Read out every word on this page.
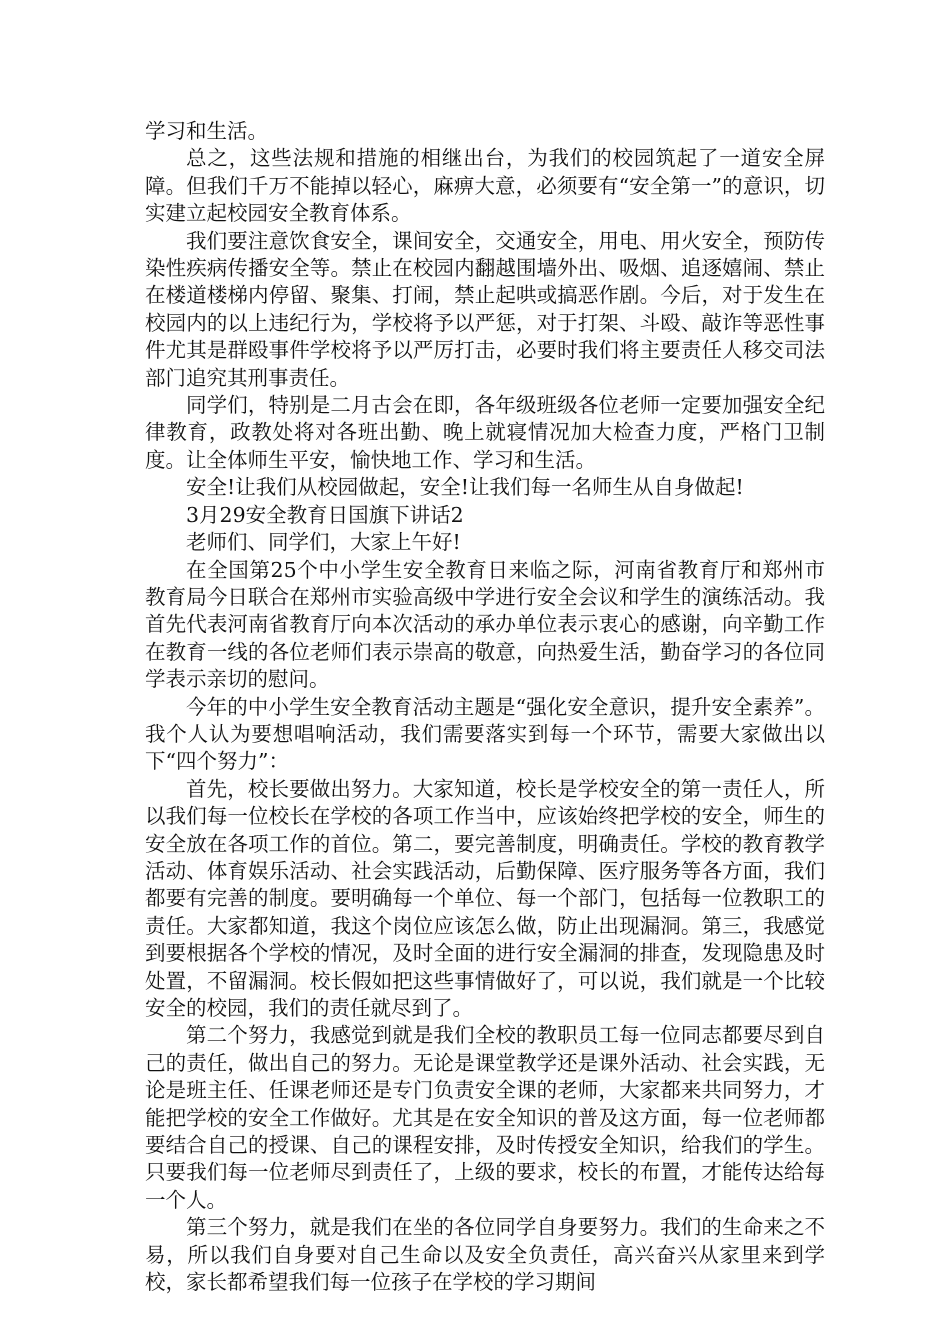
学习和生活。

总之，这些法规和措施的相继出台，为我们的校园筑起了一道安全屏障。但我们千万不能掉以轻心，麻痹大意，必须要有“安全第一”的意识，切实建立起校园安全教育体系。

我们要注意饮食安全，课间安全，交通安全，用电、用火安全，预防传染性疾病传播安全等。禁止在校园内翻越围墙外出、吸烟、追逐嬉闹、禁止在楼道楼梯内停留、聚集、打闹，禁止起哄或搞恶作剧。今后，对于发生在校园内的以上违纪行为，学校将予以严惩，对于打架、斗殴、敲诈等恶性事件尤其是群殴事件学校将予以严厉打击，必要时我们将主要责任人移交司法部门追究其刑事责任。

同学们，特别是二月古会在即，各年级班级各位老师一定要加强安全纪律教育，政教处将对各班出勤、晚上就寝情况加大检查力度，严格门卫制度。让全体师生平安，愉快地工作、学习和生活。

安全!让我们从校园做起，安全!让我们每一名师生从自身做起!

3月29安全教育日国旗下讲话2

老师们、同学们，大家上午好!

在全国第25个中小学生安全教育日来临之际，河南省教育厅和郑州市教育局今日联合在郑州市实验高级中学进行安全会议和学生的演练活动。我首先代表河南省教育厅向本次活动的承办单位表示衷心的感谢，向辛勤工作在教育一线的各位老师们表示崇高的敬意，向热爱生活，勤奋学习的各位同学表示亲切的慰问。

今年的中小学生安全教育活动主题是“强化安全意识，提升安全素养”。我个人认为要想唱响活动，我们需要落实到每一个环节，需要大家做出以下“四个努力”：

首先，校长要做出努力。大家知道，校长是学校安全的第一责任人，所以我们每一位校长在学校的各项工作当中，应该始终把学校的安全，师生的安全放在各项工作的首位。第二，要完善制度，明确责任。学校的教育教学活动、体育娱乐活动、社会实践活动，后勤保障、医疗服务等各方面，我们都要有完善的制度。要明确每一个单位、每一个部门，包括每一位教职工的责任。大家都知道，我这个岗位应该怎么做，防止出现漏洞。第三，我感觉到要根据各个学校的情况，及时全面的进行安全漏洞的排查，发现隐患及时处置，不留漏洞。校长假如把这些事情做好了，可以说，我们就是一个比较安全的校园，我们的责任就尽到了。

第二个努力，我感觉到就是我们全校的教职员工每一位同志都要尽到自己的责任，做出自己的努力。无论是课堂教学还是课外活动、社会实践，无论是班主任、任课老师还是专门负责安全课的老师，大家都来共同努力，才能把学校的安全工作做好。尤其是在安全知识的普及这方面，每一位老师都要结合自己的授课、自己的课程安排，及时传授安全知识，给我们的学生。只要我们每一位老师尽到责任了，上级的要求，校长的布置，才能传达给每一个人。

第三个努力，就是我们在坐的各位同学自身要努力。我们的生命来之不易，所以我们自身要对自己生命以及安全负责任，高兴奋兴从家里来到学校，家长都希望我们每一位孩子在学校的学习期间
